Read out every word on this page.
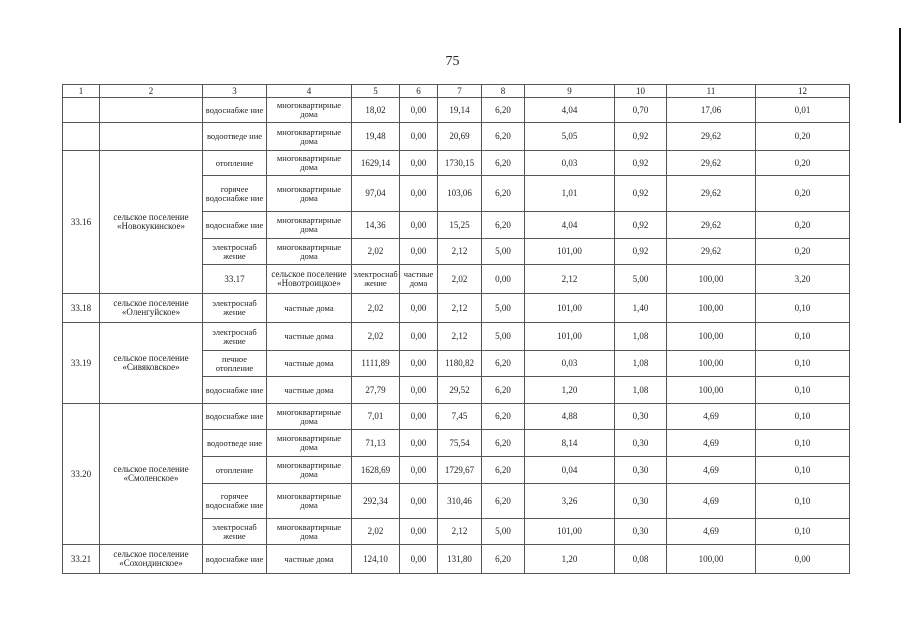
75
1	2	3	4	5	6	7	8	9	10	11	12	
		водоснабже ние	многоквартирные дома	18,02	0,00	19,14	6,20	4,04	0,70	17,06	0,01	
		водоотведе ние	многоквартирные дома	19,48	0,00	20,69	6,20	5,05	0,92	29,62	0,20	
33.16	сельское поселение «Новокукинское»	отопление	многоквартирные дома	1629,14	0,00	1730,15	6,20	0,03	0,92	29,62	0,20	
		горячее водоснабже ние	многоквартирные дома	97,04	0,00	103,06	6,20	1,01	0,92	29,62	0,20	
		водоснабже ние	многоквартирные дома	14,36	0,00	15,25	6,20	4,04	0,92	29,62	0,20	
		электроснаб жение	многоквартирные дома	2,02	0,00	2,12	5,00	101,00	0,92	29,62	0,20	
		33.17	сельское поселение «Новотроицкое»	электроснаб жение	частные дома	2,02	0,00	2,12	5,00	100,00	3,20		
33.18	сельское поселение «Оленгуйское»	электроснаб жение	частные дома	2,02	0,00	2,12	5,00	101,00	1,40	100,00	0,10	
33.19	сельское поселение «Сивяковское»	электроснаб жение	частные дома	2,02	0,00	2,12	5,00	101,00	1,08	100,00	0,10	
		печное отопление	частные дома	1111,89	0,00	1180,82	6,20	0,03	1,08	100,00	0,10	
		водоснабже ние	частные дома	27,79	0,00	29,52	6,20	1,20	1,08	100,00	0,10	
33.20	сельское поселение «Смоленское»	водоснабже ние	многоквартирные дома	7,01	0,00	7,45	6,20	4,88	0,30	4,69	0,10	
		водоотведе ние	многоквартирные дома	71,13	0,00	75,54	6,20	8,14	0,30	4,69	0,10	
		отопление	многоквартирные дома	1628,69	0,00	1729,67	6,20	0,04	0,30	4,69	0,10	
		горячее водоснабже ние	многоквартирные дома	292,34	0,00	310,46	6,20	3,26	0,30	4,69	0,10	
		электроснаб жение	многоквартирные дома	2,02	0,00	2,12	5,00	101,00	0,30	4,69	0,10	
33.21	сельское поселение «Сохондинское»	водоснабже ние	частные дома	124,10	0,00	131,80	6,20	1,20	0,08	100,00	0,00	
